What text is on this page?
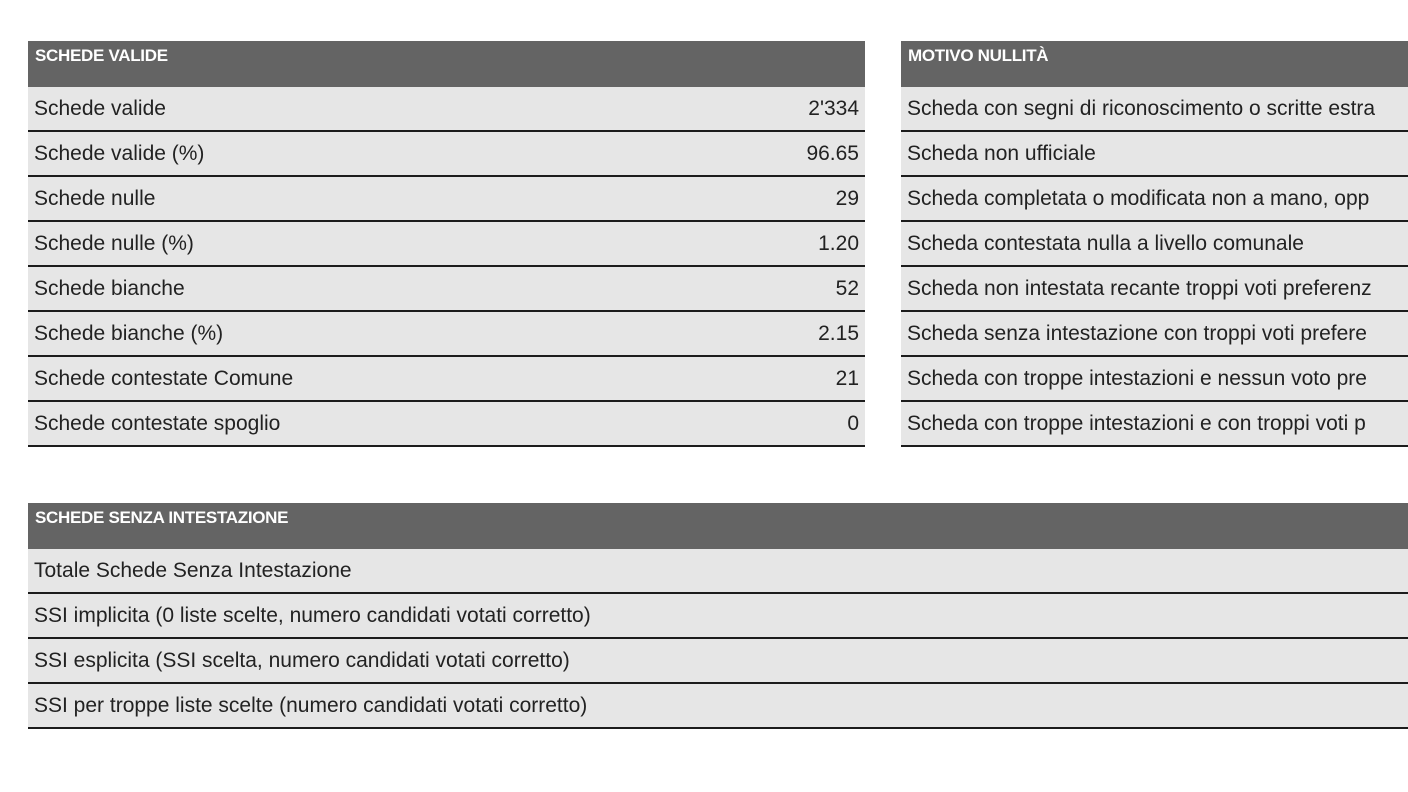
SCHEDE VALIDE
Schede valide	2'334
Schede valide (%)	96.65
Schede nulle	29
Schede nulle (%)	1.20
Schede bianche	52
Schede bianche (%)	2.15
Schede contestate Comune	21
Schede contestate spoglio	0
MOTIVO NULLITÀ
Scheda con segni di riconoscimento o scritte estra
Scheda non ufficiale
Scheda completata o modificata non a mano, opp
Scheda contestata nulla a livello comunale
Scheda non intestata recante troppi voti preferenz
Scheda senza intestazione con troppi voti prefere
Scheda con troppe intestazioni e nessun voto pre
Scheda con troppe intestazioni e con troppi voti p
SCHEDE SENZA INTESTAZIONE
Totale Schede Senza Intestazione
SSI implicita (0 liste scelte, numero candidati votati corretto)
SSI esplicita (SSI scelta, numero candidati votati corretto)
SSI per troppe liste scelte (numero candidati votati corretto)
